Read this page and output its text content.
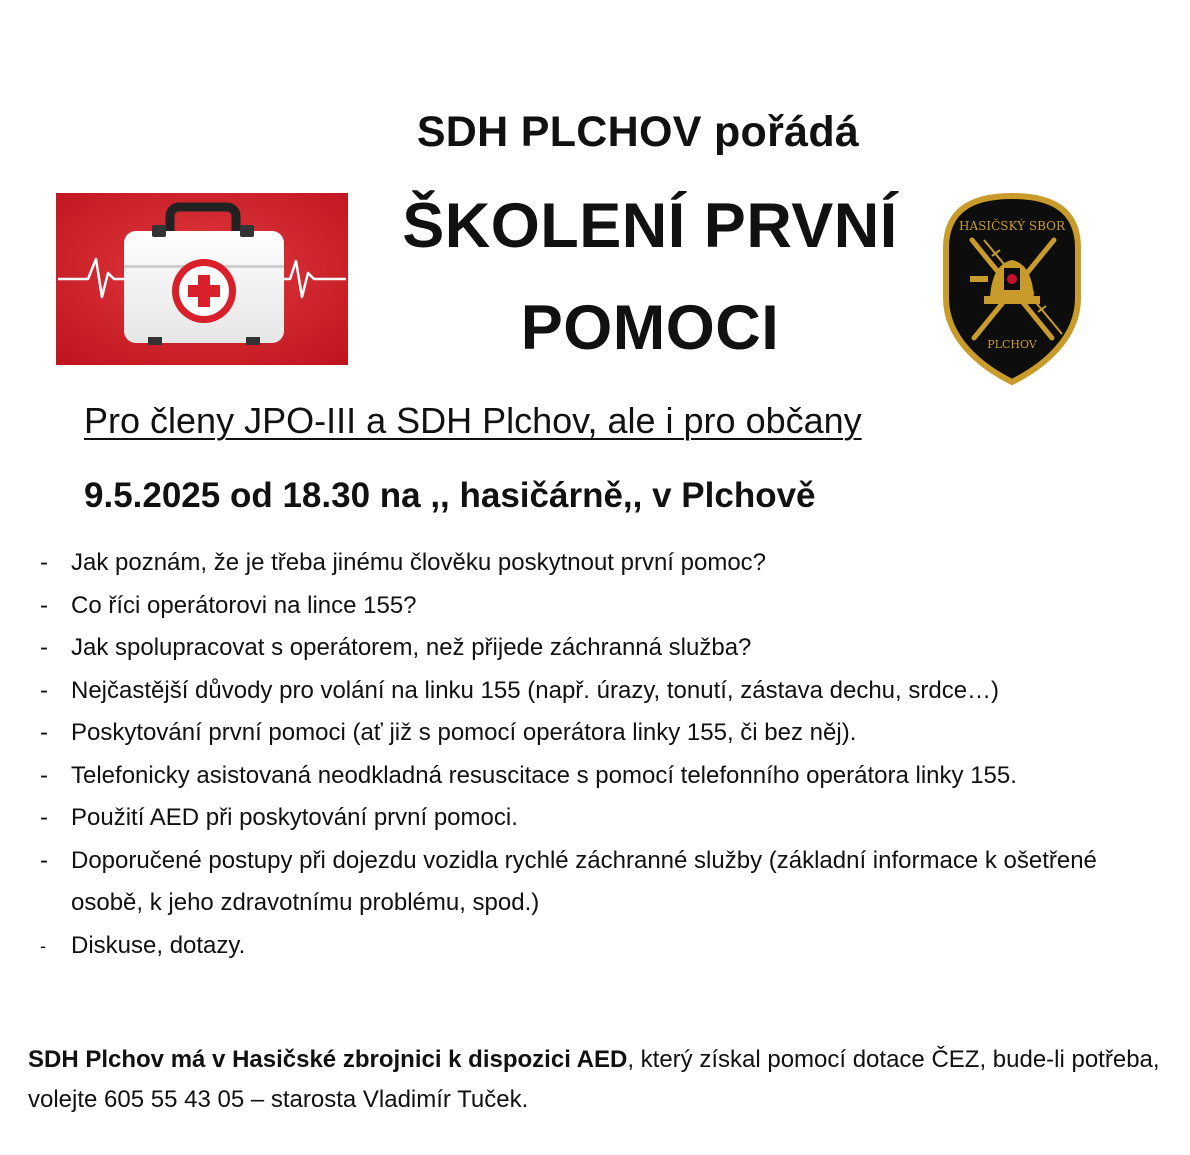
HASIČSKÝ SBOR
PLCHOV
SDH PLCHOV pořádá
ŠKOLENÍ PRVNÍ
POMOCI
Pro členy JPO-III a SDH Plchov, ale i pro občany
9.5.2025 od 18.30 na ,, hasičárně,, v Plchově
- Jak poznám, že je třeba jinému člověku poskytnout první pomoc?
- Co říci operátorovi na lince 155?
- Jak spolupracovat s operátorem, než přijede záchranná služba?
- Nejčastější důvody pro volání na linku 155 (např. úrazy, tonutí, zástava dechu, srdce…)
- Poskytování první pomoci (ať již s pomocí operátora linky 155, či bez něj).
- Telefonicky asistovaná neodkladná resuscitace s pomocí telefonního operátora linky 155.
- Použití AED při poskytování první pomoci.
- Doporučené postupy při dojezdu vozidla rychlé záchranné služby (základní informace k ošetřené osobě, k jeho zdravotnímu problému, spod.)
-	Diskuse, dotazy.
SDH Plchov má v Hasičské zbrojnici k dispozici AED, který získal pomocí dotace ČEZ, bude-li potřeba, volejte 605 55 43 05 – starosta Vladimír Tuček.
